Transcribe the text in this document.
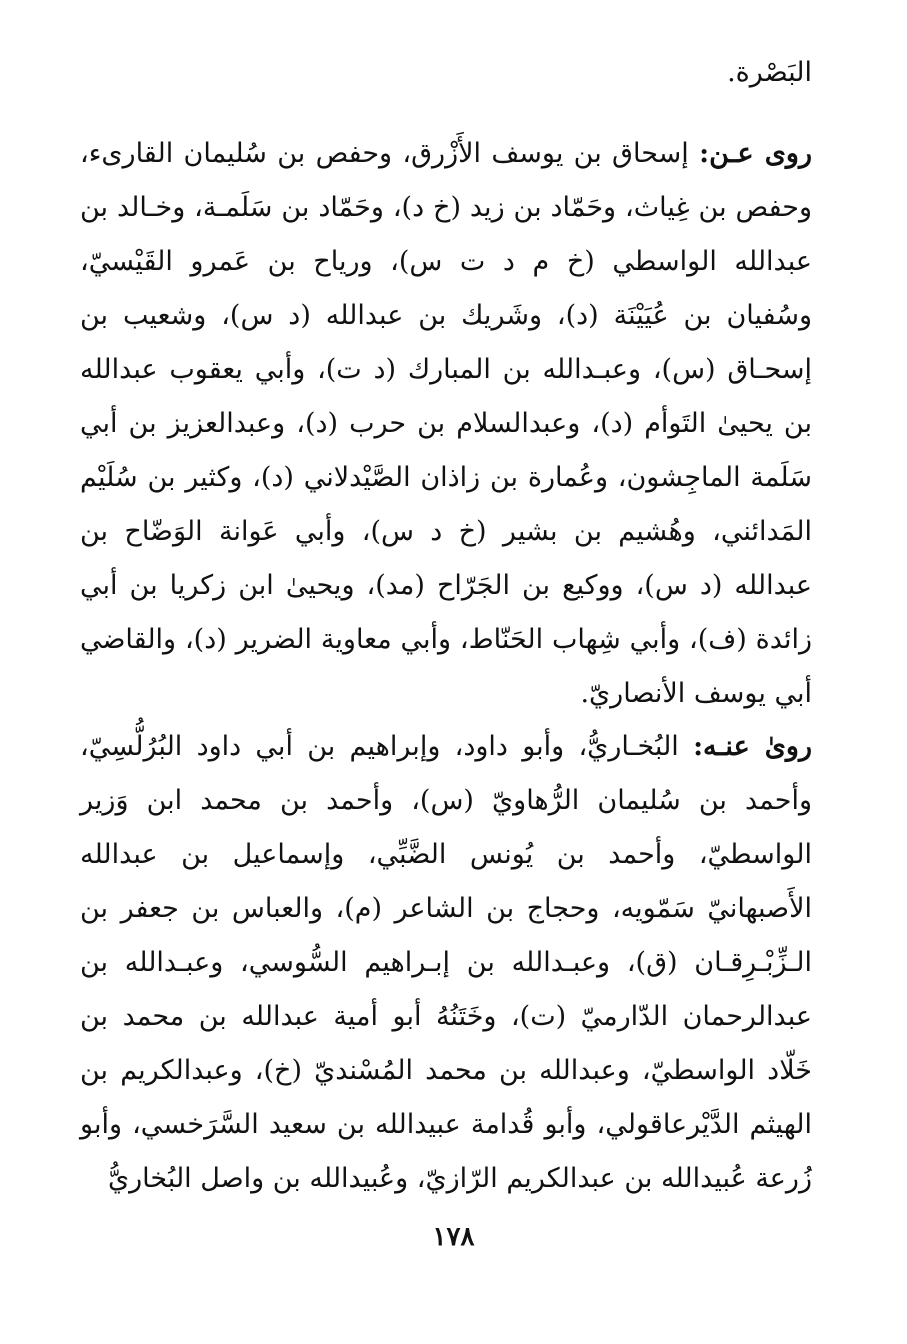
البَصْرة.
روى عـن: إسحاق بن يوسف الأَزْرق، وحفص بن سُليمان القارىء، وحفص بن غِياث، وحَمّاد بن زيد (خ د)، وحَمّاد بن سَلَمـة، وخـالد بن عبدالله الواسطي (خ م د ت س)، ورياح بن عَمرو القَيْسيّ، وسُفيان بن عُيَيْنَة (د)، وشَريك بن عبدالله (د س)، وشعيب بن إسحـاق (س)، وعبـدالله بن المبارك (د ت)، وأبي يعقوب عبدالله بن يحيىٰ التَوأم (د)، وعبدالسلام بن حرب (د)، وعبدالعزيز بن أبي سَلَمة الماجِشون، وعُمارة بن زاذان الصَّيْدلاني (د)، وكثير بن سُلَيْم المَدائني، وهُشيم بن بشير (خ د س)، وأبي عَوانة الوَضّاح بن عبدالله (د س)، ووكيع بن الجَرّاح (مد)، ويحيىٰ ابن زكريا بن أبي زائدة (ف)، وأبي شِهاب الحَنّاط، وأبي معاوية الضرير (د)، والقاضي أبي يوسف الأنصاريّ.
روىٰ عنـه: البُخـاريُّ، وأبو داود، وإبراهيم بن أبي داود البُرُلُّسِيّ، وأحمد بن سُليمان الرُّهاويّ (س)، وأحمد بن محمد ابن وَزير الواسطيّ، وأحمد بن يُونس الضَّبِّي، وإسماعيل بن عبدالله الأَصبهانيّ سَمّويه، وحجاج بن الشاعر (م)، والعباس بن جعفر بن الـزِّبْـرِقـان (ق)، وعبـدالله بن إبـراهيم السُّوسي، وعبـدالله بن عبدالرحمان الدّارميّ (ت)، وخَتَنُهُ أبو أمية عبدالله بن محمد بن خَلّاد الواسطيّ، وعبدالله بن محمد المُسْنديّ (خ)، وعبدالكريم بن الهيثم الدَّيْرعاقولي، وأبو قُدامة عبيدالله بن سعيد السَّرَخسي، وأبو زُرعة عُبيدالله بن عبدالكريم الرّازيّ، وعُبيدالله بن واصل البُخاريُّ
١٧٨
